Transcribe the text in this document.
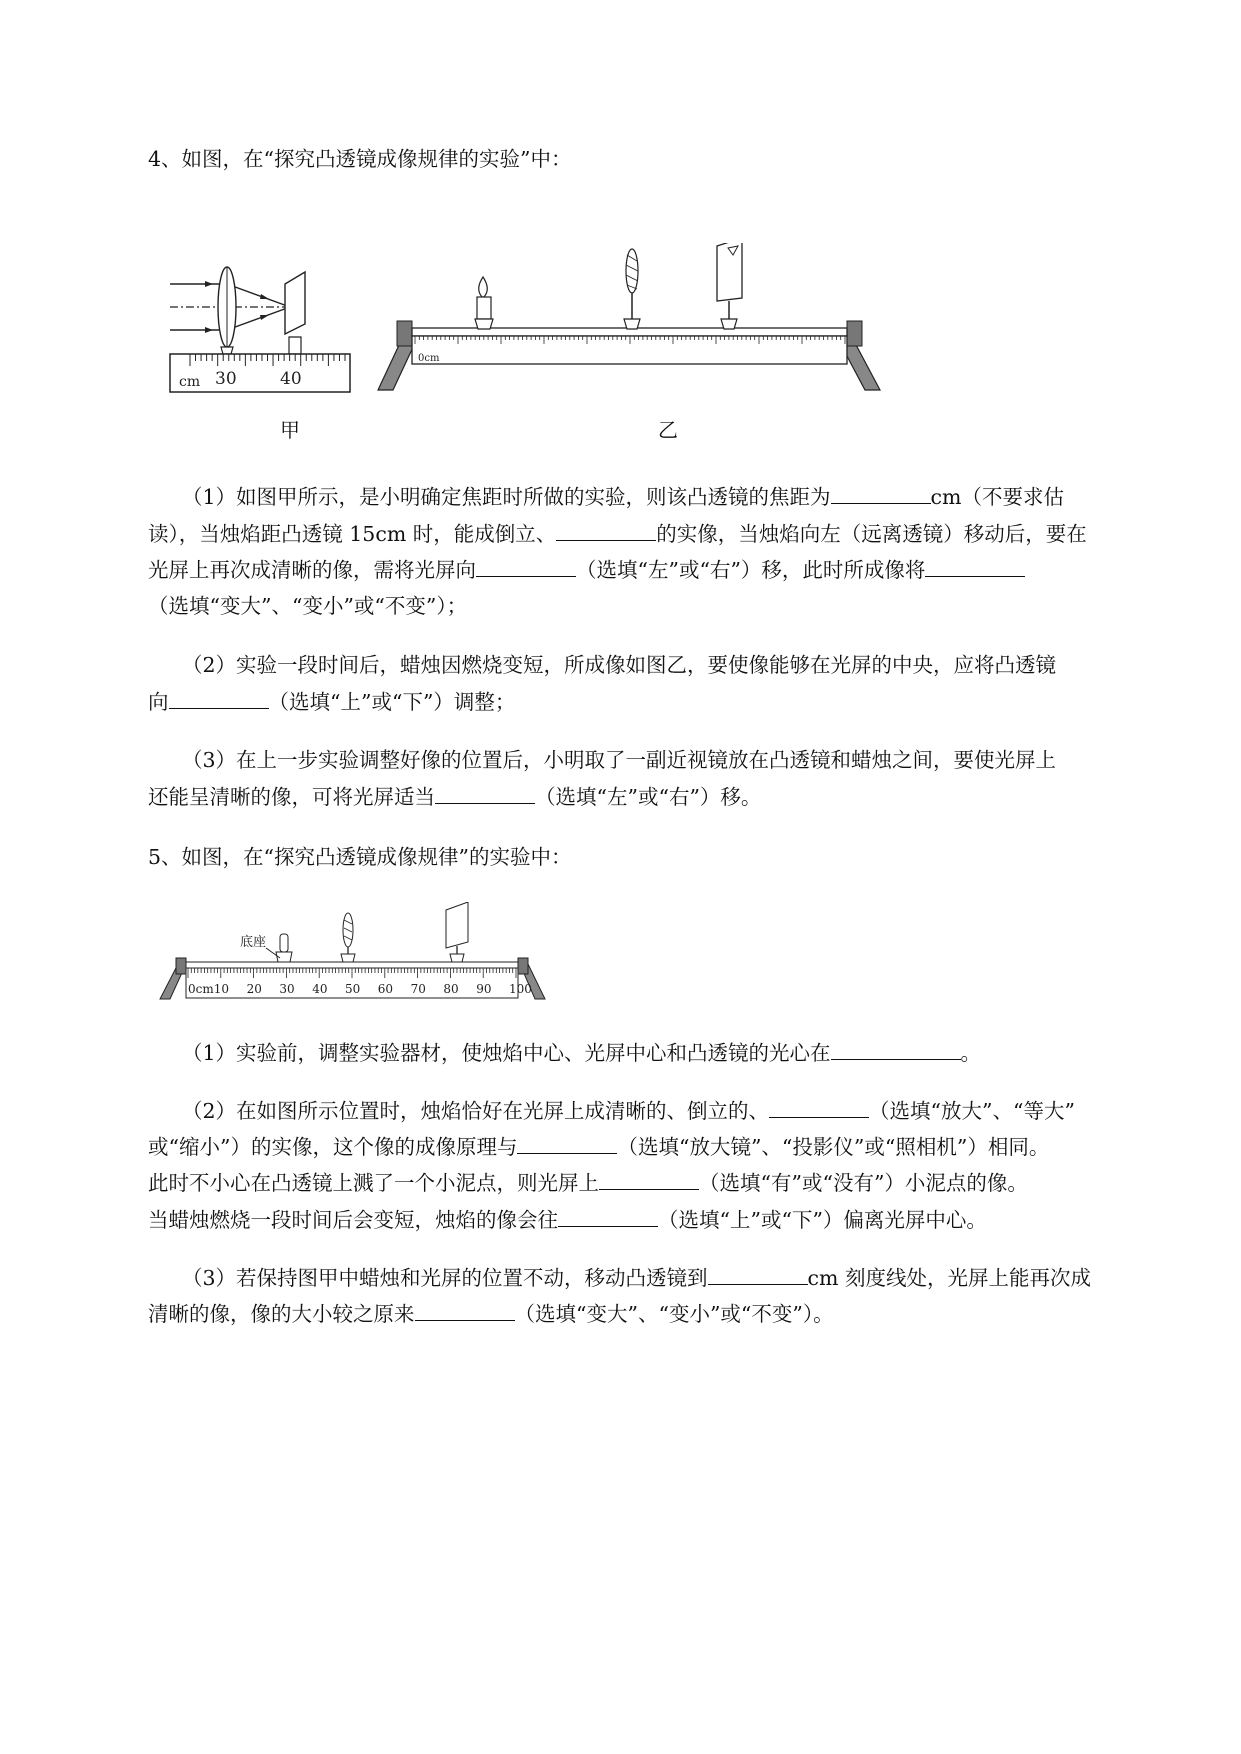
4、如图，在“探究凸透镜成像规律的实验”中：
cm 30	40
甲
0cm
乙
（1）如图甲所示，是小明确定焦距时所做的实验，则该凸透镜的焦距为	cm（不要求估
读），当烛焰距凸透镜 15cm 时，能成倒立、	的实像，当烛焰向左（远离透镜）移动后，要在
光屏上再次成清晰的像，需将光屏向	（选填“左”或“右”）移，此时所成像将
（选填“变大”、“变小”或“不变”）；
（2）实验一段时间后，蜡烛因燃烧变短，所成像如图乙，要使像能够在光屏的中央，应将凸透镜
向	（选填“上”或“下”）调整；
（3）在上一步实验调整好像的位置后，小明取了一副近视镜放在凸透镜和蜡烛之间，要使光屏上
还能呈清晰的像，可将光屏适当	（选填“左”或“右”）移。
5、如图，在“探究凸透镜成像规律”的实验中：
0cm 10 20 30 40 50 60 70 80 90 100
底座
（1）实验前，调整实验器材，使烛焰中心、光屏中心和凸透镜的光心在	。
（2）在如图所示位置时，烛焰恰好在光屏上成清晰的、倒立的、	（选填“放大”、“等大”
或“缩小”）的实像，这个像的成像原理与	（选填“放大镜”、“投影仪”或“照相机”）相同。
此时不小心在凸透镜上溅了一个小泥点，则光屏上	（选填“有”或“没有”）小泥点的像。
当蜡烛燃烧一段时间后会变短，烛焰的像会往	（选填“上”或“下”）偏离光屏中心。
（3）若保持图甲中蜡烛和光屏的位置不动，移动凸透镜到	cm 刻度线处，光屏上能再次成
清晰的像，像的大小较之原来	（选填“变大”、“变小”或“不变”）。
